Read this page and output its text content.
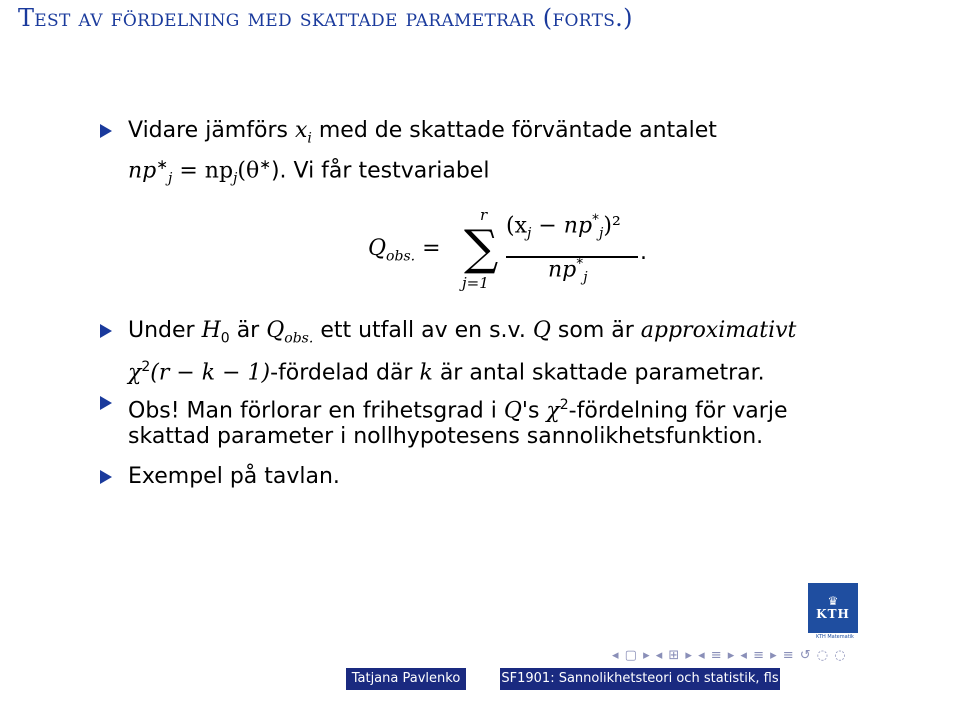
Test av fördelning med skattade parametrar (forts.)
Vidare jämförs $x_i$ med de skattade förväntade antalet
$np^∗_j = np_j(\theta^∗)$. Vi får testvariabel
$Q_{obs.}$ =
r
∑
j=1
$(x_j - np^*_j)^2$
$np^*_j$
.
Under $H_0$ är $Q_{obs.}$ ett utfall av en s.v. Q som är approximativt
$\chi^2(r - k$ − 1)-fördelad där k är antal skattade parametrar.
Obs! Man förlorar en frihetsgrad i Q's $\chi^2$-fördelning för varje
skattad parameter i nollhypotesens sannolikhetsfunktion.
Exempel på tavlan.
♛
KTH
KTH Matematik
◂ ▢ ▸ ◂ ⊞ ▸ ◂ ≡ ▸ ◂ ≡ ▸ ≡ ↺ ◌ ◌
Tatjana Pavlenko	SF1901: Sannolikhetsteori och statistik, fls 15
